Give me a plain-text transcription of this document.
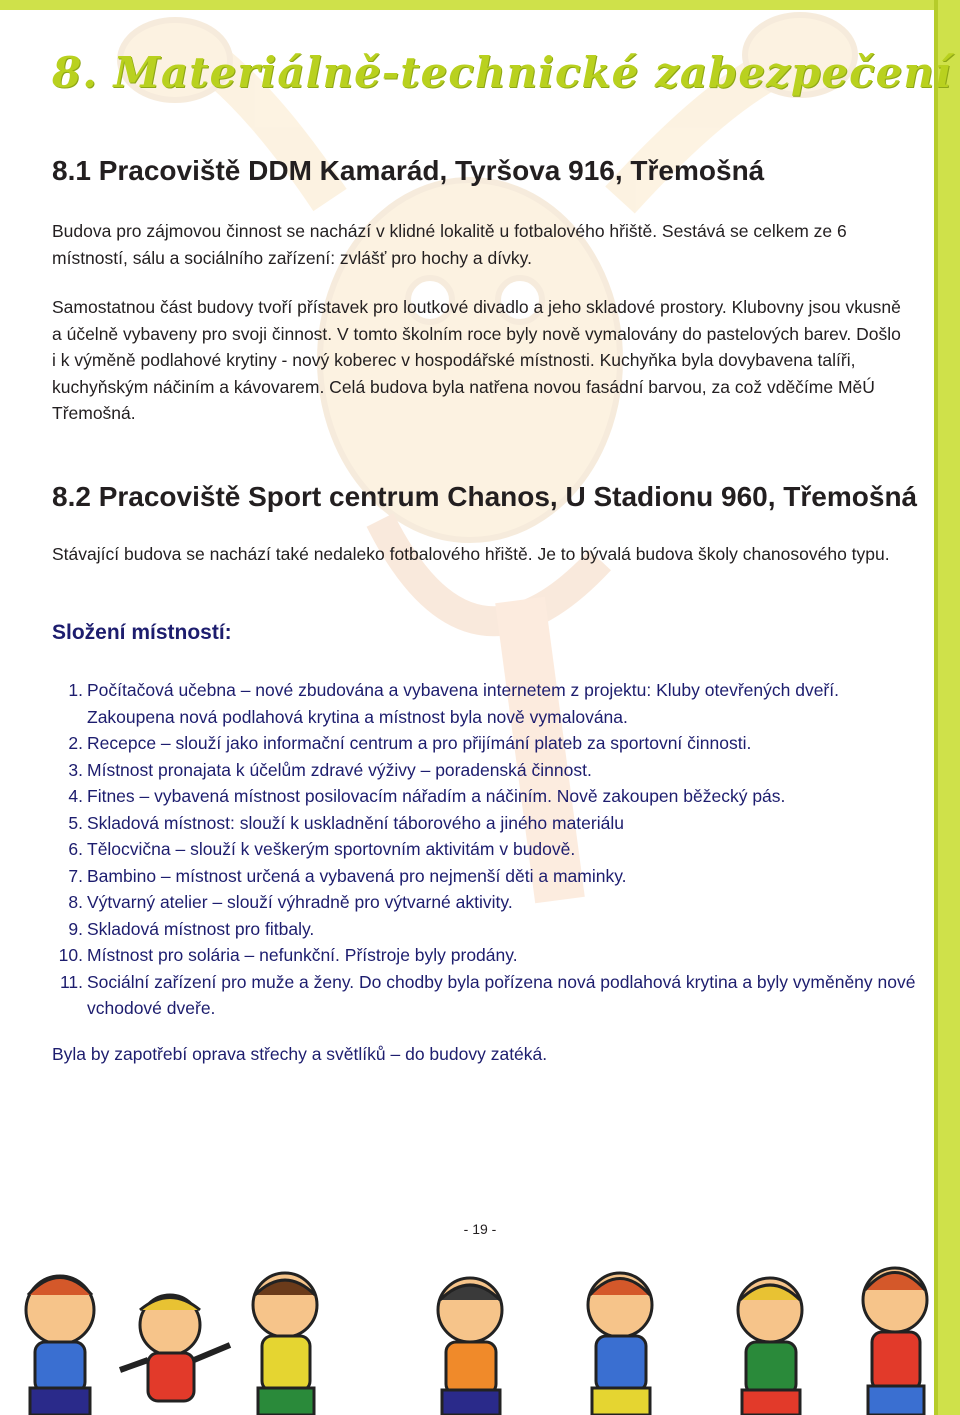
8. Materiálně-technické zabezpečení
8.1 Pracoviště DDM Kamarád, Tyršova 916, Třemošná

Budova pro zájmovou činnost se nachází v klidné lokalitě u fotbalového hřiště. Sestává se celkem ze 6 místností, sálu a sociálního zařízení: zvlášť pro hochy a dívky.

Samostatnou část budovy tvoří přístavek pro loutkové divadlo a jeho skladové prostory. Klubovny jsou vkusně a účelně vybaveny pro svoji činnost. V tomto školním roce byly nově vymalovány do pastelových barev. Došlo i k výměně podlahové krytiny - nový koberec v hospodářské místnosti. Kuchyňka byla dovybavena talíři, kuchyňským náčiním a kávovarem. Celá budova byla natřena novou fasádní barvou, za což vděčíme MěÚ Třemošná.

8.2 Pracoviště Sport centrum Chanos, U Stadionu 960, Třemošná

Stávající budova se nachází také nedaleko fotbalového hřiště. Je to bývalá budova školy chanosového typu.

Složení místností:
1. Počítačová učebna – nové zbudována a vybavena internetem z projektu: Kluby otevřených dveří. Zakoupena nová podlahová krytina a místnost byla nově vymalována.
2. Recepce – slouží jako informační centrum a pro přijímání plateb za sportovní činnosti.
3. Místnost pronajata k účelům zdravé výživy – poradenská činnost.
4. Fitnes – vybavená místnost posilovacím nářadím a náčiním. Nově zakoupen běžecký pás.
5. Skladová místnost: slouží k uskladnění táborového a jiného materiálu
6. Tělocvična – slouží k veškerým sportovním aktivitám v budově.
7. Bambino – místnost určená a vybavená pro nejmenší děti a maminky.
8. Výtvarný atelier – slouží výhradně pro výtvarné aktivity.
9. Skladová místnost pro fitbaly.
10. Místnost pro solária – nefunkční. Přístroje byly prodány.
11. Sociální zařízení pro muže a ženy. Do chodby byla pořízena nová podlahová krytina a byly vyměněny nové vchodové dveře.

Byla by zapotřebí oprava střechy a světlíků – do budovy zatéká.

- 19 -
